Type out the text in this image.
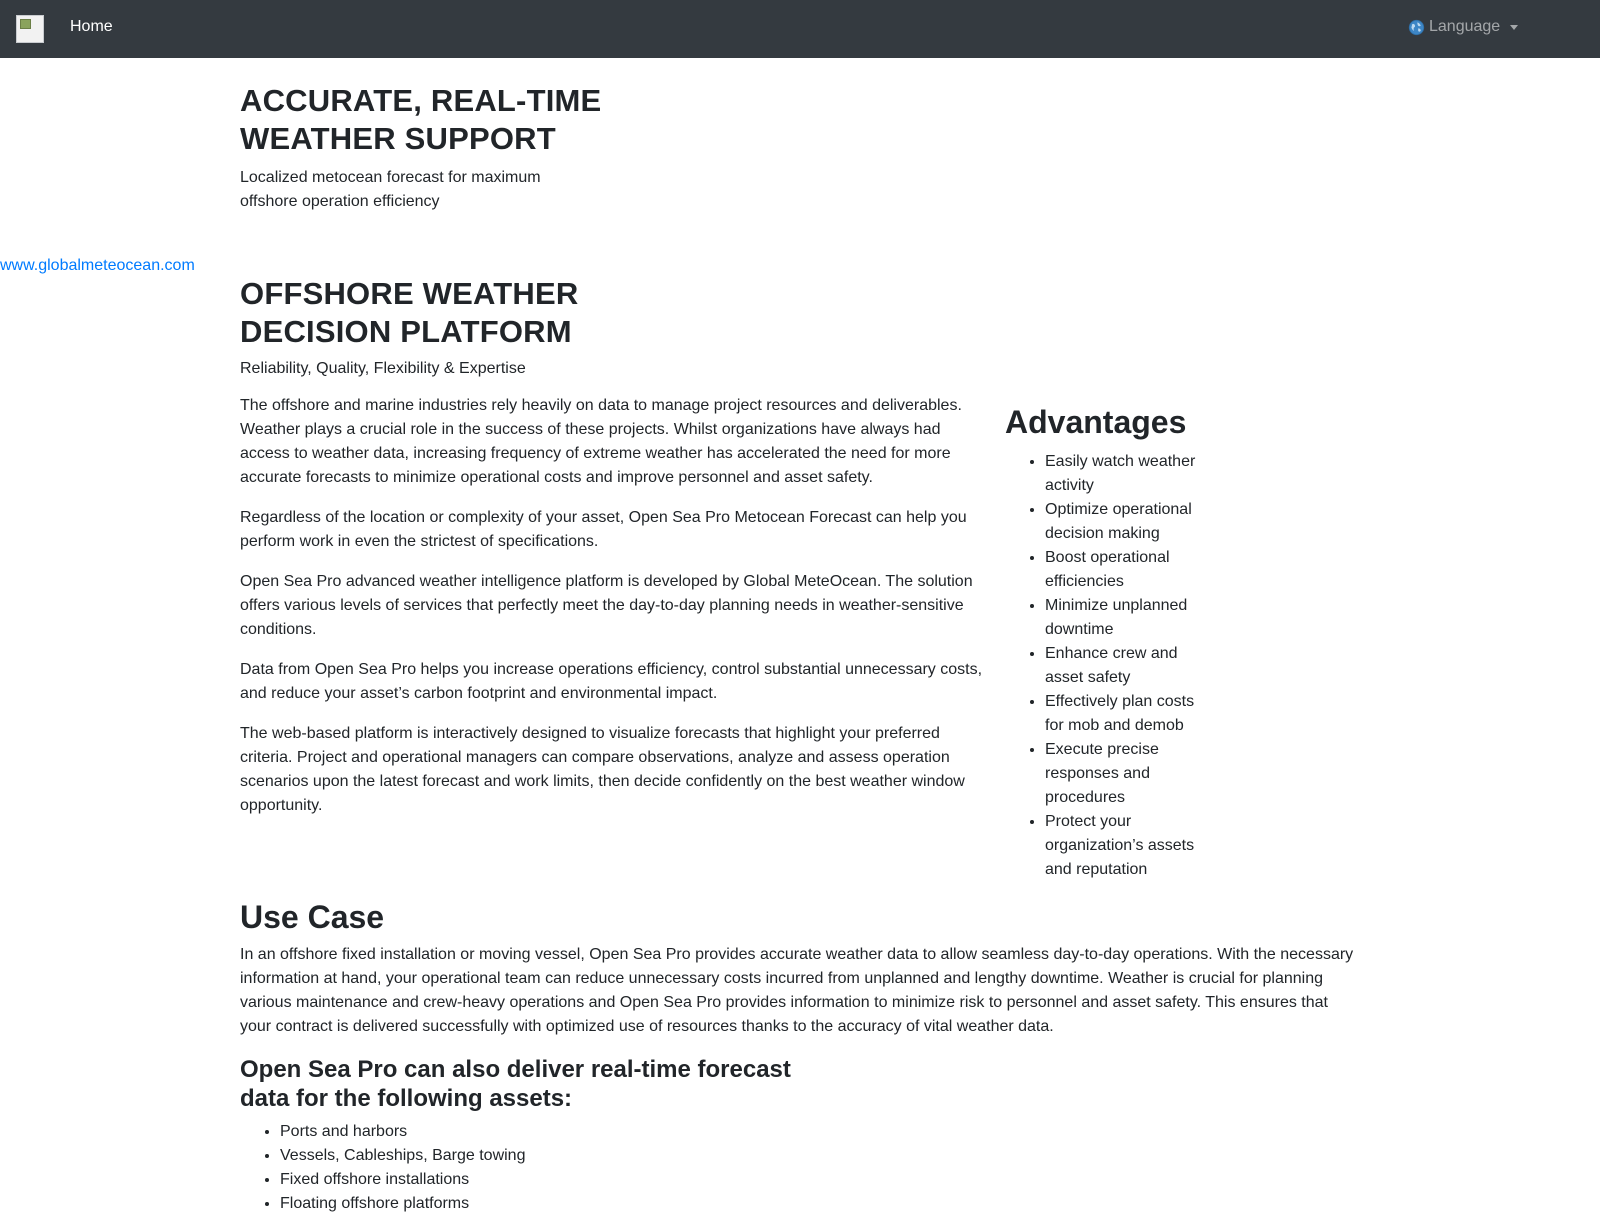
Home	Language
ACCURATE, REAL-TIME
WEATHER SUPPORT
Localized metocean forecast for maximum
offshore operation efficiency
www.globalmeteocean.com
OFFSHORE WEATHER
DECISION PLATFORM
Reliability, Quality, Flexibility & Expertise

The offshore and marine industries rely heavily on data to manage project resources and deliverables. Weather plays a crucial role in the success of these projects. Whilst organizations have always had access to weather data, increasing frequency of extreme weather has accelerated the need for more accurate forecasts to minimize operational costs and improve personnel and asset safety.

Regardless of the location or complexity of your asset, Open Sea Pro Metocean Forecast can help you perform work in even the strictest of specifications.

Open Sea Pro advanced weather intelligence platform is developed by Global MeteOcean. The solution offers various levels of services that perfectly meet the day-to-day planning needs in weather-sensitive conditions.

Data from Open Sea Pro helps you increase operations efficiency, control substantial unnecessary costs, and reduce your asset’s carbon footprint and environmental impact.

The web-based platform is interactively designed to visualize forecasts that highlight your preferred criteria. Project and operational managers can compare observations, analyze and assess operation scenarios upon the latest forecast and work limits, then decide confidently on the best weather window opportunity.

Advantages
• Easily watch weather activity
• Optimize operational decision making
• Boost operational efficiencies
• Minimize unplanned downtime
• Enhance crew and asset safety
• Effectively plan costs for mob and demob
• Execute precise responses and procedures
• Protect your organization’s assets and reputation
Use Case
In an offshore fixed installation or moving vessel, Open Sea Pro provides accurate weather data to allow seamless day-to-day operations. With the necessary information at hand, your operational team can reduce unnecessary costs incurred from unplanned and lengthy downtime. Weather is crucial for planning various maintenance and crew-heavy operations and Open Sea Pro provides information to minimize risk to personnel and asset safety. This ensures that your contract is delivered successfully with optimized use of resources thanks to the accuracy of vital weather data.
Open Sea Pro can also deliver real-time forecast
data for the following assets:
• Ports and harbors
• Vessels, Cableships, Barge towing
• Fixed offshore installations
• Floating offshore platforms
